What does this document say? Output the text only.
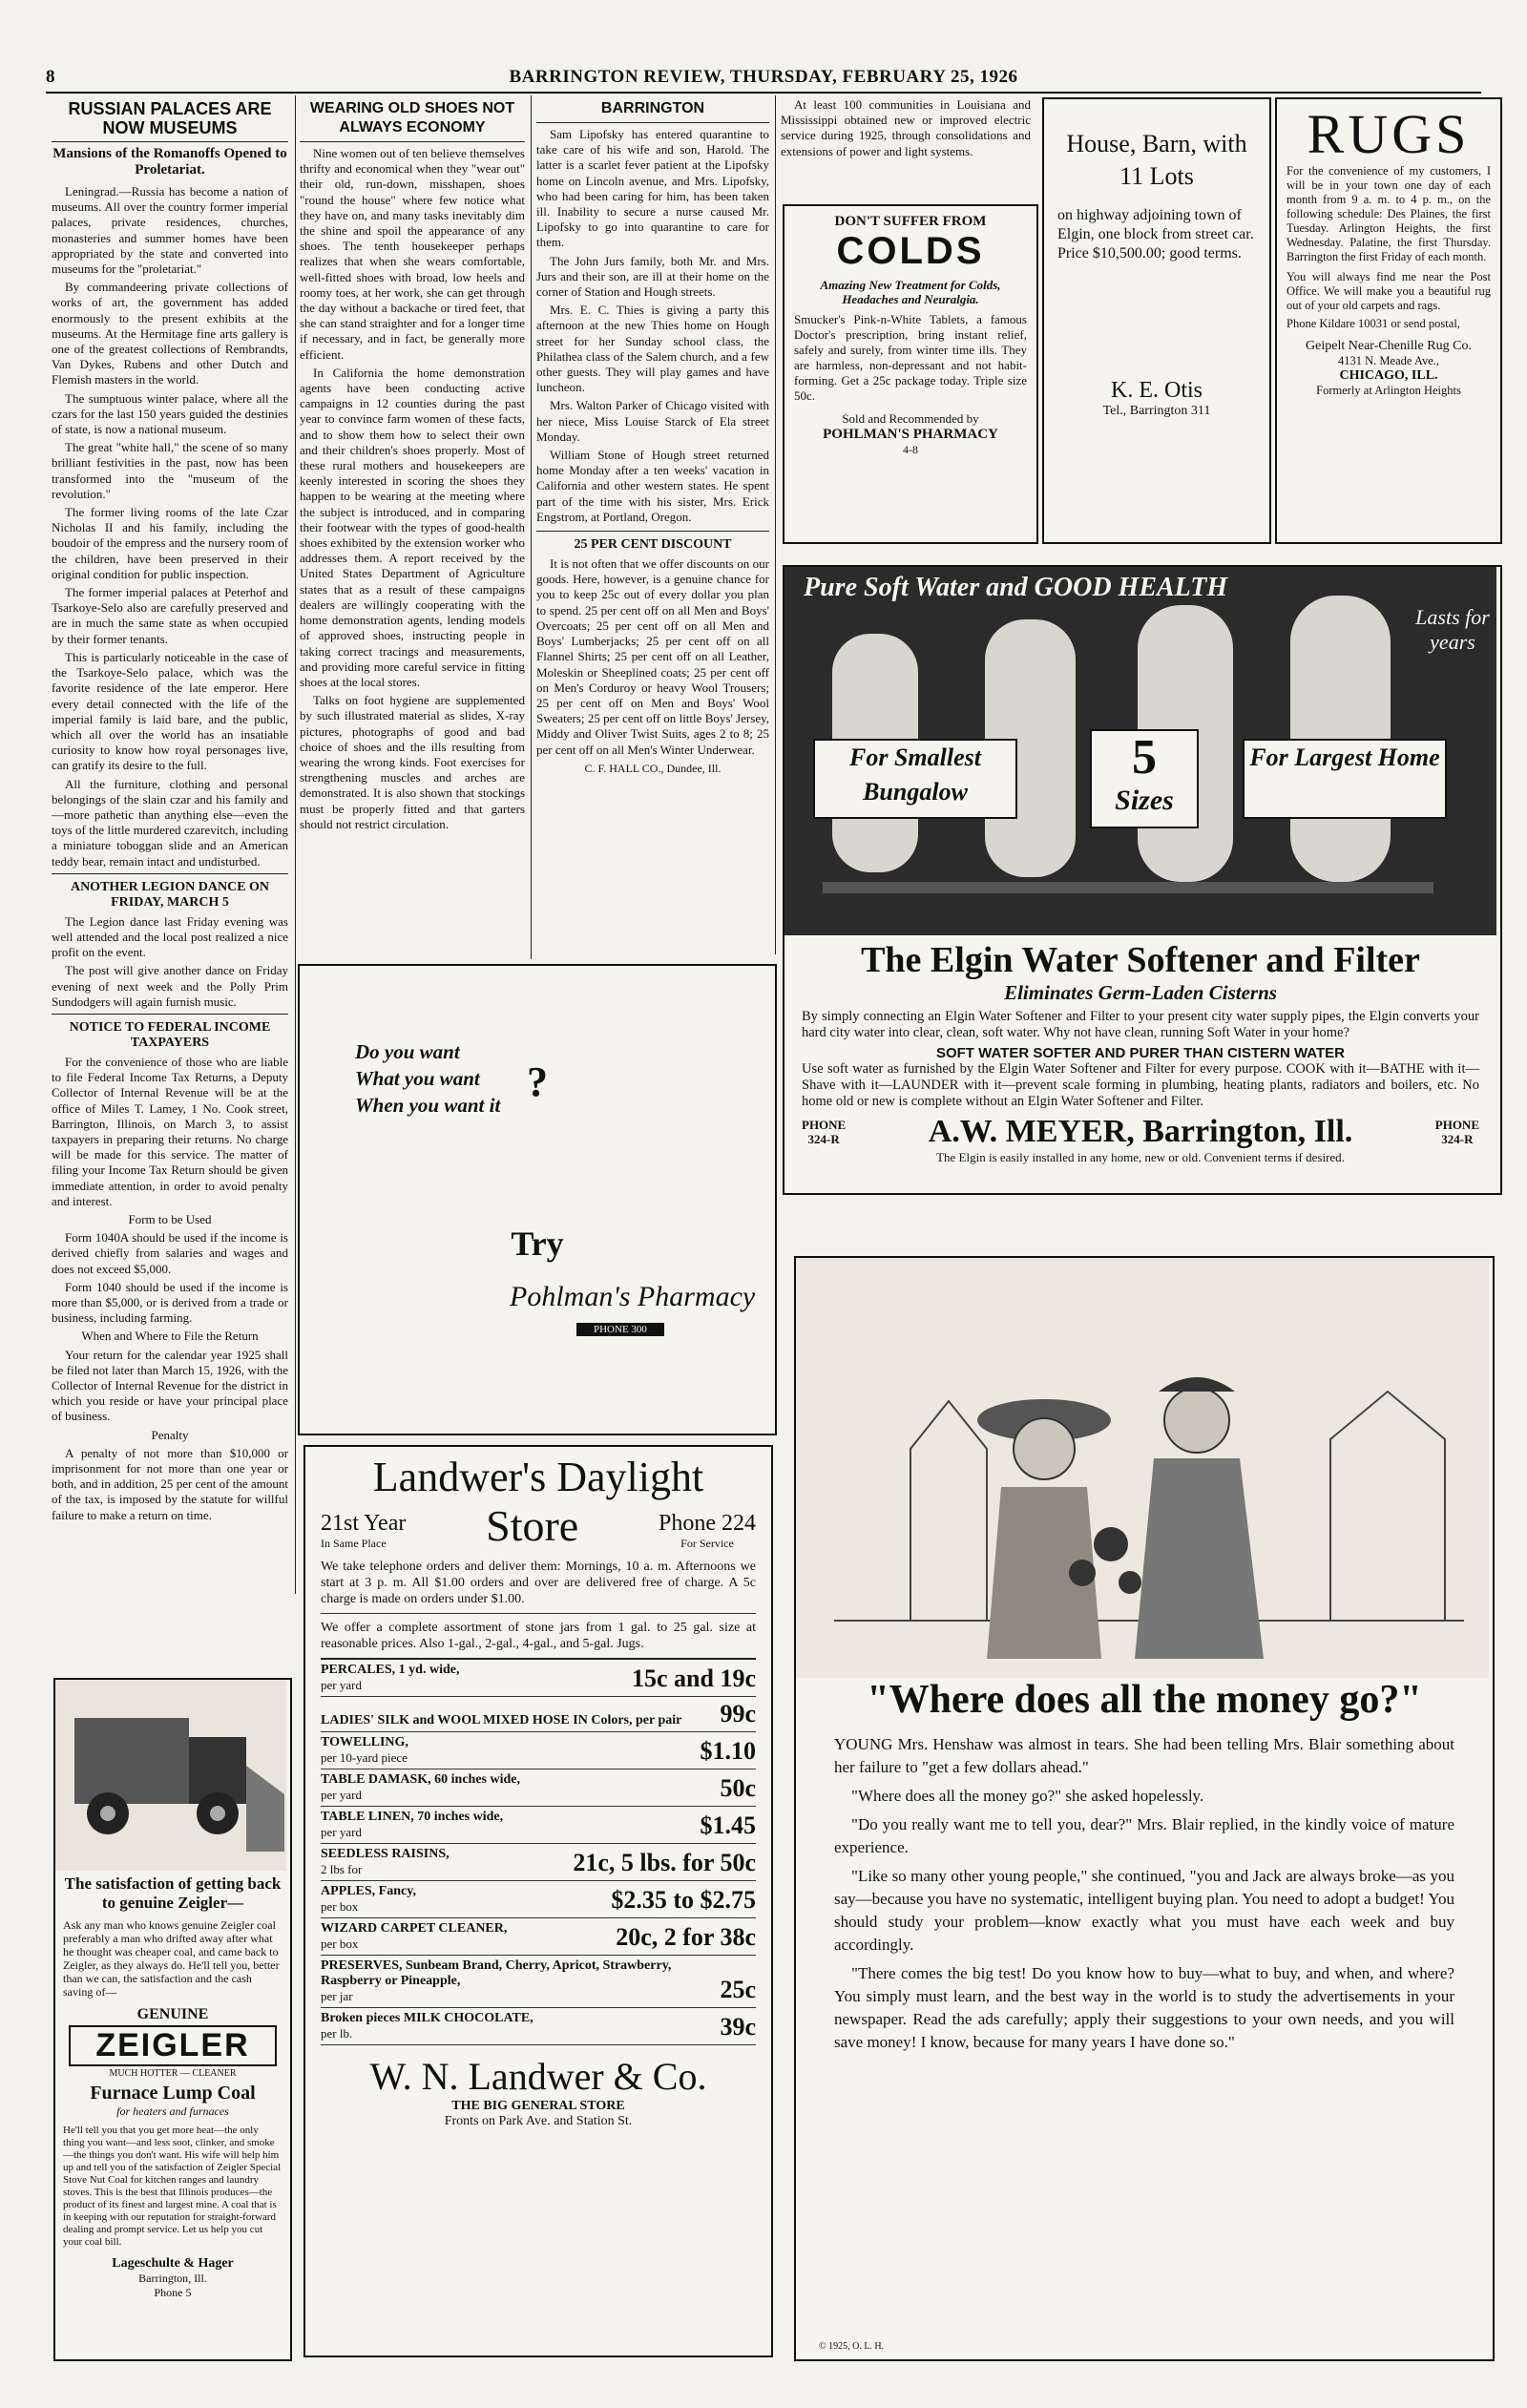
8	BARRINGTON REVIEW, THURSDAY, FEBRUARY 25, 1926
RUSSIAN PALACES ARE NOW MUSEUMS
Mansions of the Romanoffs Opened to Proletariat.

Leningrad.—Russia has become a nation of museums. All over the country former imperial palaces, private residences, churches, monasteries and summer homes have been appropriated by the state and converted into museums for the "proletariat."

By commandeering private collections of works of art, the government has added enormously to the present exhibits at the museums. At the Hermitage fine arts gallery is one of the greatest collections of Rembrandts, Van Dykes, Rubens and other Dutch and Flemish masters in the world.

The sumptuous winter palace, where all the czars for the last 150 years guided the destinies of state, is now a national museum.

The great "white hall," the scene of so many brilliant festivities in the past, now has been transformed into the "museum of the revolution."

The former living rooms of the late Czar Nicholas II and his family, including the boudoir of the empress and the nursery room of the children, have been preserved in their original condition for public inspection.

The former imperial palaces at Peterhof and Tsarkoye-Selo also are carefully preserved and are in much the same state as when occupied by their former tenants.

This is particularly noticeable in the case of the Tsarkoye-Selo palace, which was the favorite residence of the late emperor. Here every detail connected with the life of the imperial family is laid bare, and the public, which all over the world has an insatiable curiosity to know how royal personages live, can gratify its desire to the full.

All the furniture, clothing and personal belongings of the slain czar and his family and—more pathetic than anything else—even the toys of the little murdered czarevitch, including a miniature toboggan slide and an American teddy bear, remain intact and undisturbed.

ANOTHER LEGION DANCE ON FRIDAY, MARCH 5

The Legion dance last Friday evening was well attended and the local post realized a nice profit on the event.

The post will give another dance on Friday evening of next week and the Polly Prim Sundodgers will again furnish music.

NOTICE TO FEDERAL INCOME TAXPAYERS

For the convenience of those who are liable to file Federal Income Tax Returns, a Deputy Collector of Internal Revenue will be at the office of Miles T. Lamey, 1 No. Cook street, Barrington, Illinois, on March 3, to assist taxpayers in preparing their returns. No charge will be made for this service. The matter of filing your Income Tax Return should be given immediate attention, in order to avoid penalty and interest.

Form to be Used

Form 1040A should be used if the income is derived chiefly from salaries and wages and does not exceed $5,000.

Form 1040 should be used if the income is more than $5,000, or is derived from a trade or business, including farming.

When and Where to File the Return

Your return for the calendar year 1925 shall be filed not later than March 15, 1926, with the Collector of Internal Revenue for the district in which you reside or have your principal place of business.

Penalty

A penalty of not more than $10,000 or imprisonment for not more than one year or both, and in addition, 25 per cent of the amount of the tax, is imposed by the statute for willful failure to make a return on time.

The satisfaction of getting back to genuine Zeigler—
Ask any man who knows genuine Zeigler coal preferably a man who drifted away after what he thought was cheaper coal, and came back to Zeigler, as they always do. He'll tell you, better than we can, the satisfaction and the cash saving of—
GENUINE
ZEIGLER
MUCH HOTTER — CLEANER
Furnace Lump Coal
for heaters and furnaces
He'll tell you that you get more heat—the only thing you want—and less soot, clinker, and smoke—the things you don't want. His wife will help him up and tell you of the satisfaction of Zeigler Special Stove Nut Coal for kitchen ranges and laundry stoves. This is the best that Illinois produces—the product of its finest and largest mine. A coal that is in keeping with our reputation for straight-forward dealing and prompt service. Let us help you cut your coal bill.
Lageschulte & Hager
Barrington, Ill.
Phone 5
WEARING OLD SHOES NOT ALWAYS ECONOMY

Nine women out of ten believe themselves thrifty and economical when they "wear out" their old, run-down, misshapen, shoes "round the house" where few notice what they have on, and many tasks inevitably dim the shine and spoil the appearance of any shoes. The tenth housekeeper perhaps realizes that when she wears comfortable, well-fitted shoes with broad, low heels and roomy toes, at her work, she can get through the day without a backache or tired feet, that she can stand straighter and for a longer time if necessary, and in fact, be generally more efficient.

In California the home demonstration agents have been conducting active campaigns in 12 counties during the past year to convince farm women of these facts, and to show them how to select their own and their children's shoes properly. Most of these rural mothers and housekeepers are keenly interested in scoring the shoes they happen to be wearing at the meeting where the subject is introduced, and in comparing their footwear with the types of good-health shoes exhibited by the extension worker who addresses them. A report received by the United States Department of Agriculture states that as a result of these campaigns dealers are willingly cooperating with the home demonstration agents, lending models of approved shoes, instructing people in taking correct tracings and measurements, and providing more careful service in fitting shoes at the local stores.

Talks on foot hygiene are supplemented by such illustrated material as slides, X-ray pictures, photographs of good and bad choice of shoes and the ills resulting from wearing the wrong kinds. Foot exercises for strengthening muscles and arches are demonstrated. It is also shown that stockings must be properly fitted and that garters should not restrict circulation.

BARRINGTON

Sam Lipofsky has entered quarantine to take care of his wife and son, Harold. The latter is a scarlet fever patient at the Lipofsky home on Lincoln avenue, and Mrs. Lipofsky, who had been caring for him, has been taken ill. Inability to secure a nurse caused Mr. Lipofsky to go into quarantine to care for them.

The John Jurs family, both Mr. and Mrs. Jurs and their son, are ill at their home on the corner of Station and Hough streets.

Mrs. E. C. Thies is giving a party this afternoon at the new Thies home on Hough street for her Sunday school class, the Philathea class of the Salem church, and a few other guests. They will play games and have luncheon.

Mrs. Walton Parker of Chicago visited with her niece, Miss Louise Starck of Ela street Monday.

William Stone of Hough street returned home Monday after a ten weeks' vacation in California and other western states. He spent part of the time with his sister, Mrs. Erick Engstrom, at Portland, Oregon.

25 PER CENT DISCOUNT

It is not often that we offer discounts on our goods. Here, however, is a genuine chance for you to keep 25c out of every dollar you plan to spend. 25 per cent off on all Men and Boys' Overcoats; 25 per cent off on all Men and Boys' Lumberjacks; 25 per cent off on all Flannel Shirts; 25 per cent off on all Leather, Moleskin or Sheeplined coats; 25 per cent off on Men's Corduroy or heavy Wool Trousers; 25 per cent off on Men and Boys' Wool Sweaters; 25 per cent off on little Boys' Jersey, Middy and Oliver Twist Suits, ages 2 to 8; 25 per cent off on all Men's Winter Underwear.

C. F. HALL CO., Dundee, Ill.

At least 100 communities in Louisiana and Mississippi obtained new or improved electric service during 1925, through consolidations and extensions of power and light systems.

DON'T SUFFER FROM
COLDS
Amazing New Treatment for Colds, Headaches and Neuralgia.
Smucker's Pink-n-White Tablets, a famous Doctor's prescription, bring instant relief, safely and surely, from winter time ills. They are harmless, non-depressant and not habit-forming. Get a 25c package today. Triple size 50c.
Sold and Recommended by
POHLMAN'S PHARMACY
4-8
House, Barn, with 11 Lots
on highway adjoining town of Elgin, one block from street car. Price $10,500.00; good terms.
K. E. Otis
Tel., Barrington 311
RUGS
For the convenience of my customers, I will be in your town one day of each month from 9 a. m. to 4 p. m., on the following schedule: Des Plaines, the first Tuesday. Arlington Heights, the first Wednesday. Palatine, the first Thursday. Barrington the first Friday of each month.
You will always find me near the Post Office. We will make you a beautiful rug out of your old carpets and rags.
Phone Kildare 10031 or send postal,
Geipelt Near-Chenille Rug Co.
4131 N. Meade Ave.,
CHICAGO, ILL.
Formerly at Arlington Heights
Do you want
What you want
When you want it ?
Try
Pohlman's Pharmacy
PHONE 300
Pure Soft Water and GOOD HEALTH
Lasts for years
For Smallest Bungalow
5
Sizes
For Largest Home
The Elgin Water Softener and Filter
Eliminates Germ-Laden Cisterns
By simply connecting an Elgin Water Softener and Filter to your present city water supply pipes, the Elgin converts your hard city water into clear, clean, soft water. Why not have clean, running Soft Water in your home?
SOFT WATER SOFTER AND PURER THAN CISTERN WATER
Use soft water as furnished by the Elgin Water Softener and Filter for every purpose. COOK with it—BATHE with it—Shave with it—LAUNDER with it—prevent scale forming in plumbing, heating plants, radiators and boilers, etc. No home old or new is complete without an Elgin Water Softener and Filter.
PHONE
324-R	A.W. MEYER, Barrington, Ill.	PHONE
324-R
The Elgin is easily installed in any home, new or old. Convenient terms if desired.
Landwer's Daylight
21st Year
In Same Place	Store	Phone 224
For Service
We take telephone orders and deliver them: Mornings, 10 a. m. Afternoons we start at 3 p. m. All $1.00 orders and over are delivered free of charge. A 5c charge is made on orders under $1.00.
We offer a complete assortment of stone jars from 1 gal. to 25 gal. size at reasonable prices. Also 1-gal., 2-gal., 4-gal., and 5-gal. Jugs.
PERCALES, 1 yd. wide,
per yard	15c and 19c
LADIES' SILK and WOOL MIXED HOSE IN Colors, per pair 99c
TOWELLING,
per 10-yard piece	$1.10
TABLE DAMASK, 60 inches wide,
per yard	50c
TABLE LINEN, 70 inches wide,
per yard	$1.45
SEEDLESS RAISINS,
2 lbs for	21c, 5 lbs. for 50c
APPLES, Fancy,
per box	$2.35 to $2.75
WIZARD CARPET CLEANER,
per box	20c, 2 for 38c
PRESERVES, Sunbeam Brand, Cherry, Apricot, Strawberry, Raspberry or Pineapple,
per jar	25c
Broken pieces MILK CHOCOLATE,
per lb.	39c
W. N. Landwer & Co.
THE BIG GENERAL STORE
Fronts on Park Ave. and Station St.
"Where does all the money go?"

YOUNG Mrs. Henshaw was almost in tears. She had been telling Mrs. Blair something about her failure to "get a few dollars ahead."

"Where does all the money go?" she asked hopelessly.

"Do you really want me to tell you, dear?" Mrs. Blair replied, in the kindly voice of mature experience.

"Like so many other young people," she continued, "you and Jack are always broke—as you say—because you have no systematic, intelligent buying plan. You need to adopt a budget! You should study your problem—know exactly what you must have each week and buy accordingly.

"There comes the big test! Do you know how to buy—what to buy, and when, and where? You simply must learn, and the best way in the world is to study the advertisements in your newspaper. Read the ads carefully; apply their suggestions to your own needs, and you will save money! I know, because for many years I have done so."

© 1925, O. L. H.
